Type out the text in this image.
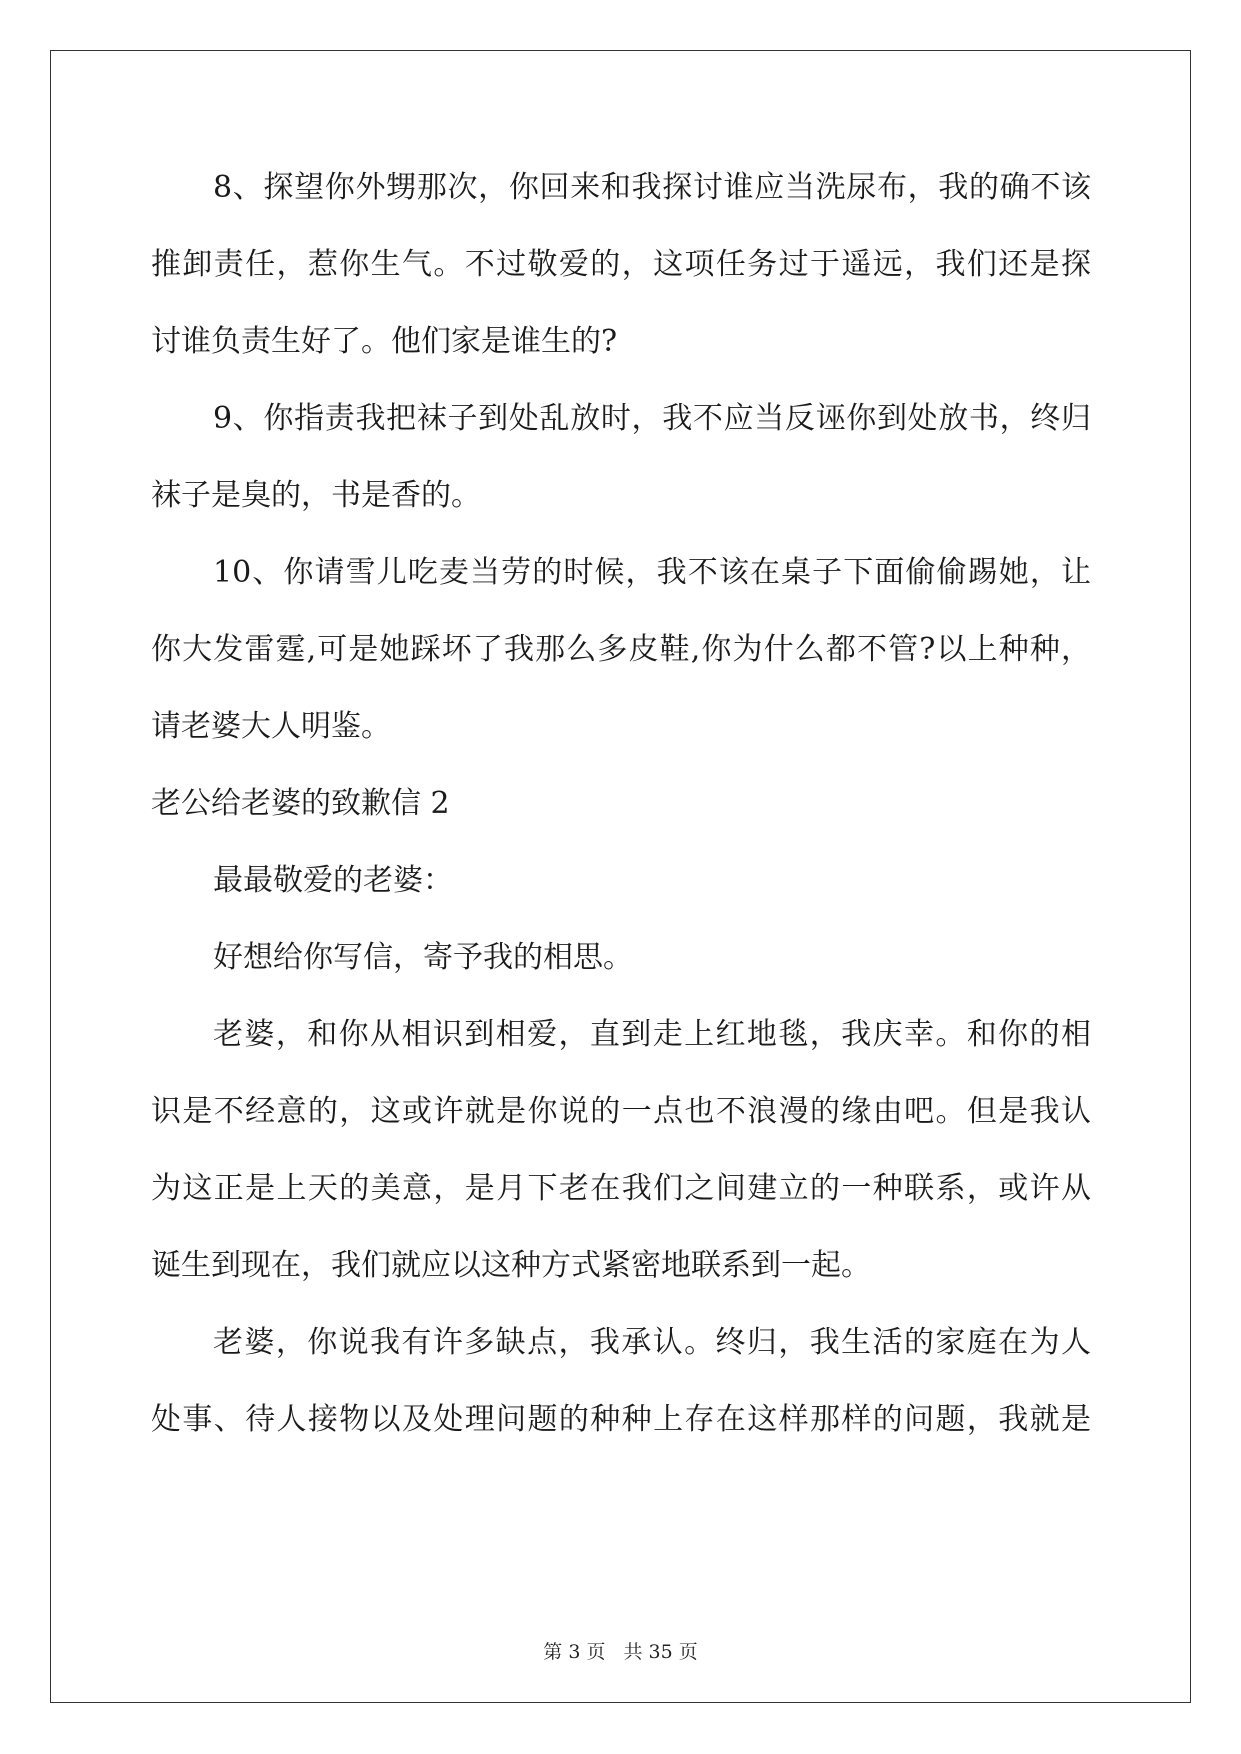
8、探望你外甥那次，你回来和我探讨谁应当洗尿布，我的确不该
推卸责任，惹你生气。不过敬爱的，这项任务过于遥远，我们还是探
讨谁负责生好了。他们家是谁生的?
9、你指责我把袜子到处乱放时，我不应当反诬你到处放书，终归
袜子是臭的，书是香的。
10、你请雪儿吃麦当劳的时候，我不该在桌子下面偷偷踢她，让
你大发雷霆,可是她踩坏了我那么多皮鞋,你为什么都不管?以上种种，
请老婆大人明鉴。
老公给老婆的致歉信 2
最最敬爱的老婆：
好想给你写信，寄予我的相思。
老婆，和你从相识到相爱，直到走上红地毯，我庆幸。和你的相
识是不经意的，这或许就是你说的一点也不浪漫的缘由吧。但是我认
为这正是上天的美意，是月下老在我们之间建立的一种联系，或许从
诞生到现在，我们就应以这种方式紧密地联系到一起。
老婆，你说我有许多缺点，我承认。终归，我生活的家庭在为人
处事、待人接物以及处理问题的种种上存在这样那样的问题，我就是
第 3 页 共 35 页
